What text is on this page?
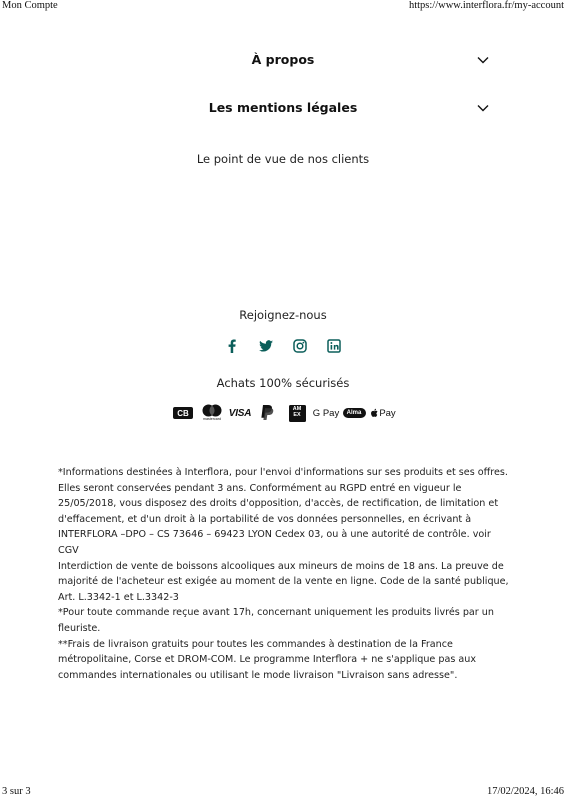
Mon Compte	https://www.interflora.fr/my-account
À propos
Les mentions légales
Le point de vue de nos clients
Rejoignez-nous
Achats 100% sécurisés
CB
mastercard
VISA	AM EX G Pay Alma Pay

*Informations destinées à Interflora, pour l'envoi d'informations sur ses produits et ses offres. Elles seront conservées pendant 3 ans. Conformément au RGPD entré en vigueur le 25/05/2018, vous disposez des droits d'opposition, d'accès, de rectification, de limitation et d'effacement, et d'un droit à la portabilité de vos données personnelles, en écrivant à INTERFLORA –DPO – CS 73646 – 69423 LYON Cedex 03, ou à une autorité de contrôle. voir CGV

Interdiction de vente de boissons alcooliques aux mineurs de moins de 18 ans. La preuve de majorité de l'acheteur est exigée au moment de la vente en ligne. Code de la santé publique, Art. L.3342-1 et L.3342-3

*Pour toute commande reçue avant 17h, concernant uniquement les produits livrés par un fleuriste.

**Frais de livraison gratuits pour toutes les commandes à destination de la France métropolitaine, Corse et DROM-COM. Le programme Interflora + ne s'applique pas aux commandes internationales ou utilisant le mode livraison "Livraison sans adresse".

3 sur 3	17/02/2024, 16:46
